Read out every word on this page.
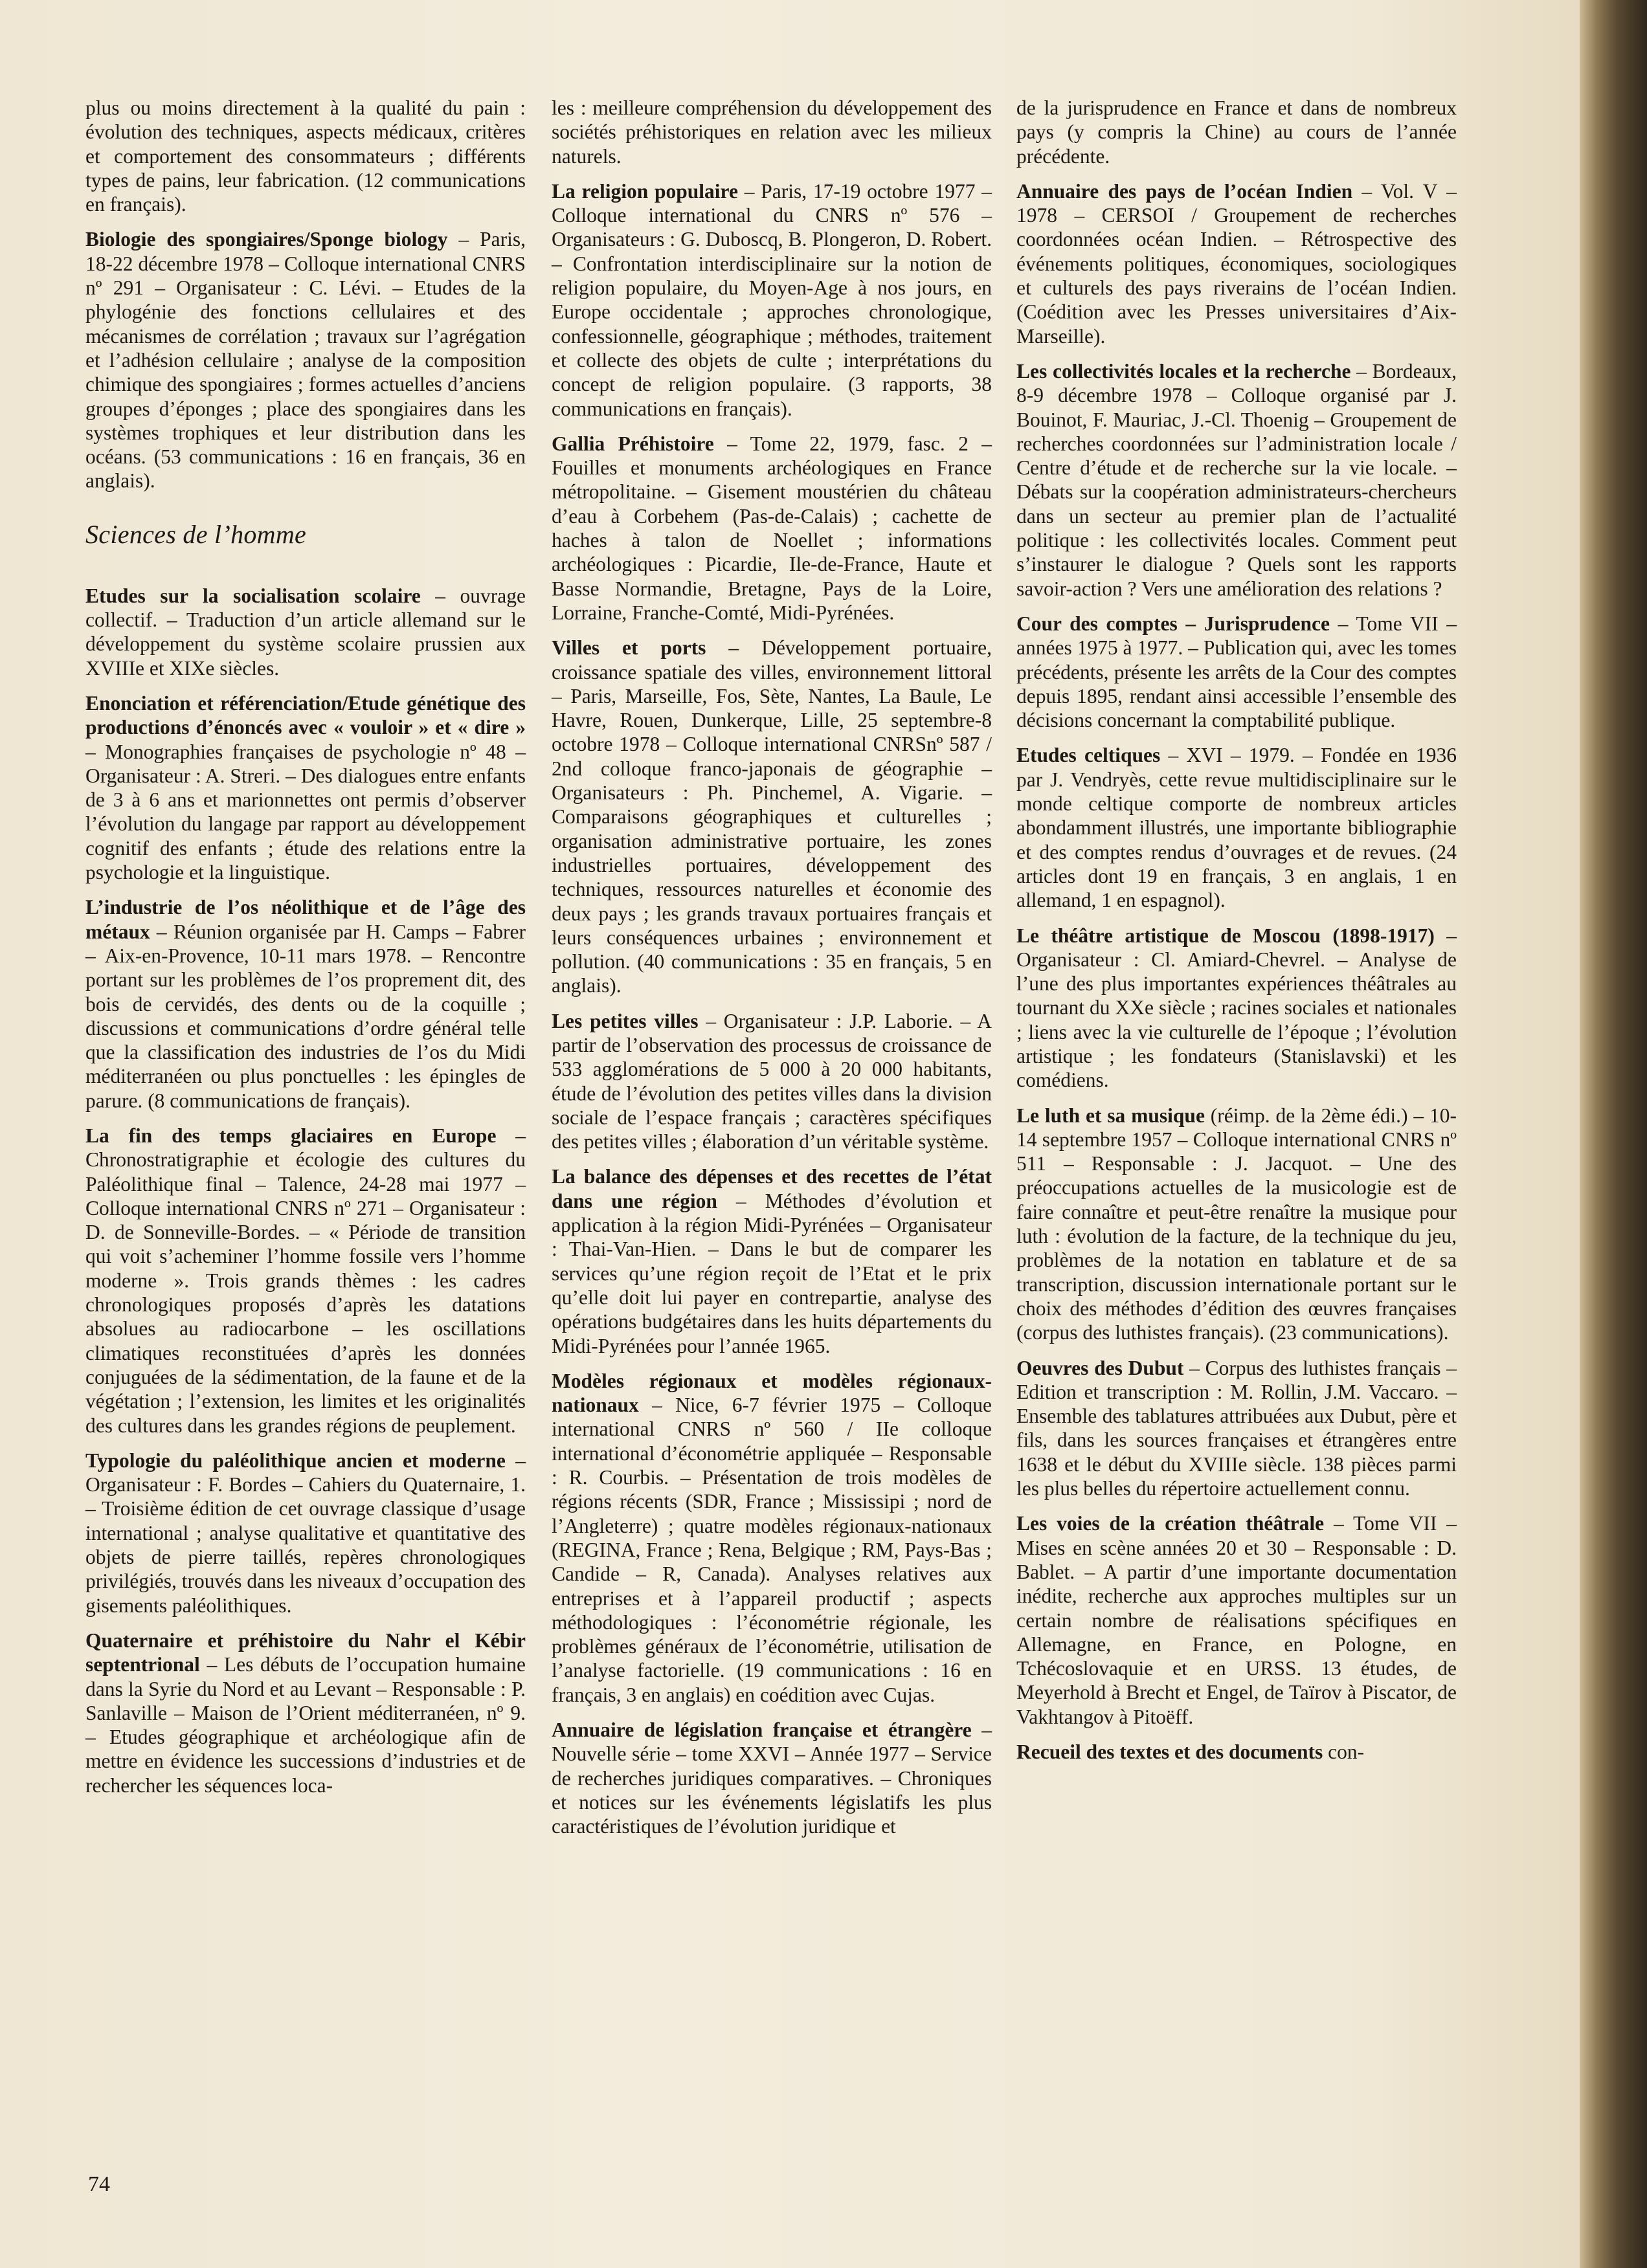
plus ou moins directement à la qualité du pain : évolution des techniques, aspects médicaux, critères et comportement des consommateurs ; différents types de pains, leur fabrication. (12 communications en français).
Biologie des spongiaires/Sponge biology – Paris, 18-22 décembre 1978 – Colloque international CNRS nº 291 – Organisateur : C. Lévi. – Etudes de la phylogénie des fonctions cellulaires et des mécanismes de corrélation ; travaux sur l’agrégation et l’adhésion cellulaire ; analyse de la composition chimique des spongiaires ; formes actuelles d’anciens groupes d’éponges ; place des spongiaires dans les systèmes trophiques et leur distribution dans les océans. (53 communications : 16 en français, 36 en anglais).
Sciences de l’homme
Etudes sur la socialisation scolaire – ouvrage collectif. – Traduction d’un article allemand sur le développement du système scolaire prussien aux XVIIIe et XIXe siècles.
Enonciation et référenciation/Etude génétique des productions d’énoncés avec « vouloir » et « dire » – Monographies françaises de psychologie nº 48 – Organisateur : A. Streri. – Des dialogues entre enfants de 3 à 6 ans et marionnettes ont permis d’observer l’évolution du langage par rapport au développement cognitif des enfants ; étude des relations entre la psychologie et la linguistique.
L’industrie de l’os néolithique et de l’âge des métaux – Réunion organisée par H. Camps – Fabrer – Aix-en-Provence, 10-11 mars 1978. – Rencontre portant sur les problèmes de l’os proprement dit, des bois de cervidés, des dents ou de la coquille ; discussions et communications d’ordre général telle que la classification des industries de l’os du Midi méditerranéen ou plus ponctuelles : les épingles de parure. (8 communications de français).
La fin des temps glaciaires en Europe – Chronostratigraphie et écologie des cultures du Paléolithique final – Talence, 24-28 mai 1977 – Colloque international CNRS nº 271 – Organisateur : D. de Sonneville-Bordes. – « Période de transition qui voit s’acheminer l’homme fossile vers l’homme moderne ». Trois grands thèmes : les cadres chronologiques proposés d’après les datations absolues au radiocarbone – les oscillations climatiques reconstituées d’après les données conjuguées de la sédimentation, de la faune et de la végétation ; l’extension, les limites et les originalités des cultures dans les grandes régions de peuplement.
Typologie du paléolithique ancien et moderne – Organisateur : F. Bordes – Cahiers du Quaternaire, 1. – Troisième édition de cet ouvrage classique d’usage international ; analyse qualitative et quantitative des objets de pierre taillés, repères chronologiques privilégiés, trouvés dans les niveaux d’occupation des gisements paléolithiques.
Quaternaire et préhistoire du Nahr el Kébir septentrional – Les débuts de l’occupation humaine dans la Syrie du Nord et au Levant – Responsable : P. Sanlaville – Maison de l’Orient méditerranéen, nº 9. – Etudes géographique et archéologique afin de mettre en évidence les successions d’industries et de rechercher les séquences loca-
les : meilleure compréhension du développement des sociétés préhistoriques en relation avec les milieux naturels.
La religion populaire – Paris, 17-19 octobre 1977 – Colloque international du CNRS nº 576 – Organisateurs : G. Duboscq, B. Plongeron, D. Robert. – Confrontation interdisciplinaire sur la notion de religion populaire, du Moyen-Age à nos jours, en Europe occidentale ; approches chronologique, confessionnelle, géographique ; méthodes, traitement et collecte des objets de culte ; interprétations du concept de religion populaire. (3 rapports, 38 communications en français).
Gallia Préhistoire – Tome 22, 1979, fasc. 2 – Fouilles et monuments archéologiques en France métropolitaine. – Gisement moustérien du château d’eau à Corbehem (Pas-de-Calais) ; cachette de haches à talon de Noellet ; informations archéologiques : Picardie, Ile-de-France, Haute et Basse Normandie, Bretagne, Pays de la Loire, Lorraine, Franche-Comté, Midi-Pyrénées.
Villes et ports – Développement portuaire, croissance spatiale des villes, environnement littoral – Paris, Marseille, Fos, Sète, Nantes, La Baule, Le Havre, Rouen, Dunkerque, Lille, 25 septembre-8 octobre 1978 – Colloque international CNRSnº 587 / 2nd colloque franco-japonais de géographie – Organisateurs : Ph. Pinchemel, A. Vigarie. – Comparaisons géographiques et culturelles ; organisation administrative portuaire, les zones industrielles portuaires, développement des techniques, ressources naturelles et économie des deux pays ; les grands travaux portuaires français et leurs conséquences urbaines ; environnement et pollution. (40 communications : 35 en français, 5 en anglais).
Les petites villes – Organisateur : J.P. Laborie. – A partir de l’observation des processus de croissance de 533 agglomérations de 5 000 à 20 000 habitants, étude de l’évolution des petites villes dans la division sociale de l’espace français ; caractères spécifiques des petites villes ; élaboration d’un véritable système.
La balance des dépenses et des recettes de l’état dans une région – Méthodes d’évolution et application à la région Midi-Pyrénées – Organisateur : Thai-Van-Hien. – Dans le but de comparer les services qu’une région reçoit de l’Etat et le prix qu’elle doit lui payer en contrepartie, analyse des opérations budgétaires dans les huits départements du Midi-Pyrénées pour l’année 1965.
Modèles régionaux et modèles régionaux-nationaux – Nice, 6-7 février 1975 – Colloque international CNRS nº 560 / IIe colloque international d’économétrie appliquée – Responsable : R. Courbis. – Présentation de trois modèles de régions récents (SDR, France ; Mississipi ; nord de l’Angleterre) ; quatre modèles régionaux-nationaux (REGINA, France ; Rena, Belgique ; RM, Pays-Bas ; Candide – R, Canada). Analyses relatives aux entreprises et à l’appareil productif ; aspects méthodologiques : l’économétrie régionale, les problèmes généraux de l’économétrie, utilisation de l’analyse factorielle. (19 communications : 16 en français, 3 en anglais) en coédition avec Cujas.
Annuaire de législation française et étrangère – Nouvelle série – tome XXVI – Année 1977 – Service de recherches juridiques comparatives. – Chroniques et notices sur les événements législatifs les plus caractéristiques de l’évolution juridique et
de la jurisprudence en France et dans de nombreux pays (y compris la Chine) au cours de l’année précédente.
Annuaire des pays de l’océan Indien – Vol. V – 1978 – CERSOI / Groupement de recherches coordonnées océan Indien. – Rétrospective des événements politiques, économiques, sociologiques et culturels des pays riverains de l’océan Indien. (Coédition avec les Presses universitaires d’Aix-Marseille).
Les collectivités locales et la recherche – Bordeaux, 8-9 décembre 1978 – Colloque organisé par J. Bouinot, F. Mauriac, J.-Cl. Thoenig – Groupement de recherches coordonnées sur l’administration locale / Centre d’étude et de recherche sur la vie locale. – Débats sur la coopération administrateurs-chercheurs dans un secteur au premier plan de l’actualité politique : les collectivités locales. Comment peut s’instaurer le dialogue ? Quels sont les rapports savoir-action ? Vers une amélioration des relations ?
Cour des comptes – Jurisprudence – Tome VII – années 1975 à 1977. – Publication qui, avec les tomes précédents, présente les arrêts de la Cour des comptes depuis 1895, rendant ainsi accessible l’ensemble des décisions concernant la comptabilité publique.
Etudes celtiques – XVI – 1979. – Fondée en 1936 par J. Vendryès, cette revue multidisciplinaire sur le monde celtique comporte de nombreux articles abondamment illustrés, une importante bibliographie et des comptes rendus d’ouvrages et de revues. (24 articles dont 19 en français, 3 en anglais, 1 en allemand, 1 en espagnol).
Le théâtre artistique de Moscou (1898-1917) – Organisateur : Cl. Amiard-Chevrel. – Analyse de l’une des plus importantes expériences théâtrales au tournant du XXe siècle ; racines sociales et nationales ; liens avec la vie culturelle de l’époque ; l’évolution artistique ; les fondateurs (Stanislavski) et les comédiens.
Le luth et sa musique (réimp. de la 2ème édi.) – 10-14 septembre 1957 – Colloque international CNRS nº 511 – Responsable : J. Jacquot. – Une des préoccupations actuelles de la musicologie est de faire connaître et peut-être renaître la musique pour luth : évolution de la facture, de la technique du jeu, problèmes de la notation en tablature et de sa transcription, discussion internationale portant sur le choix des méthodes d’édition des œuvres françaises (corpus des luthistes français). (23 communications).
Oeuvres des Dubut – Corpus des luthistes français – Edition et transcription : M. Rollin, J.M. Vaccaro. – Ensemble des tablatures attribuées aux Dubut, père et fils, dans les sources françaises et étrangères entre 1638 et le début du XVIIIe siècle. 138 pièces parmi les plus belles du répertoire actuellement connu.
Les voies de la création théâtrale – Tome VII – Mises en scène années 20 et 30 – Responsable : D. Bablet. – A partir d’une importante documentation inédite, recherche aux approches multiples sur un certain nombre de réalisations spécifiques en Allemagne, en France, en Pologne, en Tchécoslovaquie et en URSS. 13 études, de Meyerhold à Brecht et Engel, de Taïrov à Piscator, de Vakhtangov à Pitoëff.
Recueil des textes et des documents con-
74
